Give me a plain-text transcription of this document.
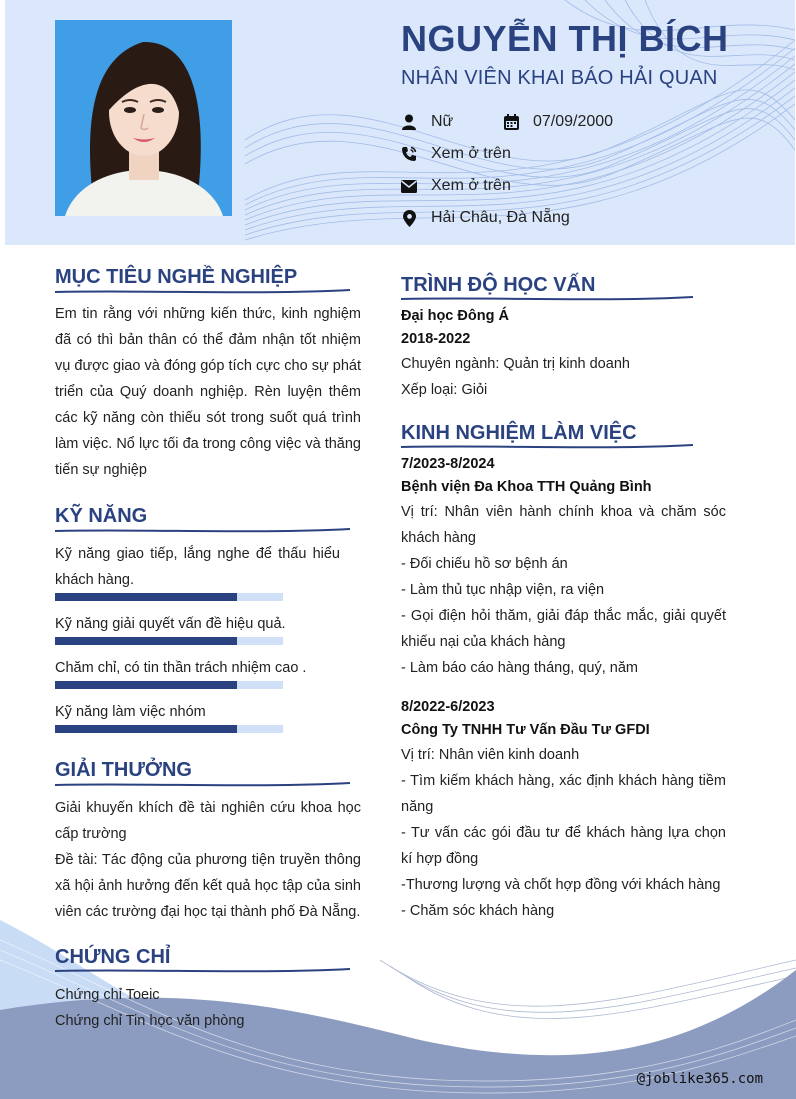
NGUYỄN THỊ BÍCH
NHÂN VIÊN KHAI BÁO HẢI QUAN
Nữ	07/09/2000
Xem ở trên
Xem ở trên
Hải Châu, Đà Nẵng
MỤC TIÊU NGHỀ NGHIỆP
Em tin rằng với những kiến thức, kinh nghiệm đã có thì bản thân có thể đảm nhận tốt nhiệm vụ được giao và đóng góp tích cực cho sự phát triển của Quý doanh nghiệp. Rèn luyện thêm các kỹ năng còn thiếu sót trong suốt quá trình làm việc. Nổ lực tối đa trong công việc và thăng tiến sự nghiệp
KỸ NĂNG
Kỹ năng giao tiếp, lắng nghe để thấu hiểu khách hàng.
Kỹ năng giải quyết vấn đề hiệu quả.
Chăm chỉ, có tin thần trách nhiệm cao .
Kỹ năng làm việc nhóm
GIẢI THƯỞNG
Giải khuyến khích đề tài nghiên cứu khoa học cấp trường
Đề tài: Tác động của phương tiện truyền thông xã hội ảnh hưởng đến kết quả học tập của sinh viên các trường đại học tại thành phố Đà Nẵng.
CHỨNG CHỈ
Chứng chỉ Toeic
Chứng chỉ Tin học văn phòng
TRÌNH ĐỘ HỌC VẤN
Đại học Đông Á
2018-2022
Chuyên ngành: Quản trị kinh doanh
Xếp loại: Giỏi
KINH NGHIỆM LÀM VIỆC
7/2023-8/2024
Bệnh viện Đa Khoa TTH Quảng Bình
Vị trí: Nhân viên hành chính khoa và chăm sóc khách hàng
- Đối chiếu hồ sơ bệnh án
- Làm thủ tục nhập viện, ra viện
- Gọi điện hỏi thăm, giải đáp thắc mắc, giải quyết khiếu nại của khách hàng
- Làm báo cáo hàng tháng, quý, năm
8/2022-6/2023
Công Ty TNHH Tư Vấn Đầu Tư GFDI
Vị trí: Nhân viên kinh doanh
- Tìm kiếm khách hàng, xác định khách hàng tiềm năng
- Tư vấn các gói đầu tư để khách hàng lựa chọn kí hợp đồng
-Thương lượng và chốt hợp đồng với khách hàng
- Chăm sóc khách hàng
@joblike365.com
